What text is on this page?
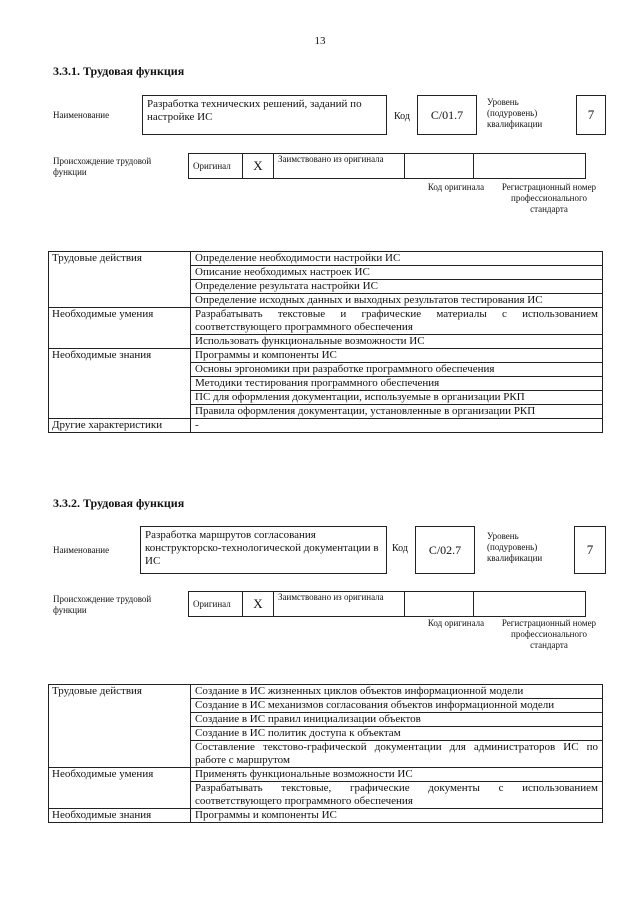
13
3.3.1. Трудовая функция
Наименование
Разработка технических решений, заданий по настройке ИС	Код	C/01.7
Уровень (подуровень) квалификации
7
Происхождение трудовой функции
Оригинал	X	Заимствовано из оригинала		
Код оригинала	Регистрационный номер профессионального стандарта
Трудовые действия	Определение необходимости настройки ИС
	Описание необходимых настроек ИС
	Определение результата настройки ИС
	Определение исходных данных и выходных результатов тестирования ИС
Необходимые умения	Разрабатывать текстовые и графические материалы с использованием соответствующего программного обеспечения
	Использовать функциональные возможности ИС
Необходимые знания	Программы и компоненты ИС
	Основы эргономики при разработке программного обеспечения
	Методики тестирования программного обеспечения
	ПС для оформления документации, используемые в организации РКП
	Правила оформления документации, установленные в организации РКП
Другие характеристики	-
3.3.2. Трудовая функция
Наименование
Разработка маршрутов согласования конструкторско-технологической документации в ИС
Код	C/02.7
Уровень (подуровень) квалификации
7
Происхождение трудовой функции
Оригинал	X	Заимствовано из оригинала		
Код оригинала	Регистрационный номер профессионального стандарта
Трудовые действия	Создание в ИС жизненных циклов объектов информационной модели
	Создание в ИС механизмов согласования объектов информационной модели
	Создание в ИС правил инициализации объектов
	Создание в ИС политик доступа к объектам
	Составление текстово-графической документации для администраторов ИС по работе с маршрутом
Необходимые умения	Применять функциональные возможности ИС
	Разрабатывать текстовые, графические документы с использованием соответствующего программного обеспечения
Необходимые знания	Программы и компоненты ИС
